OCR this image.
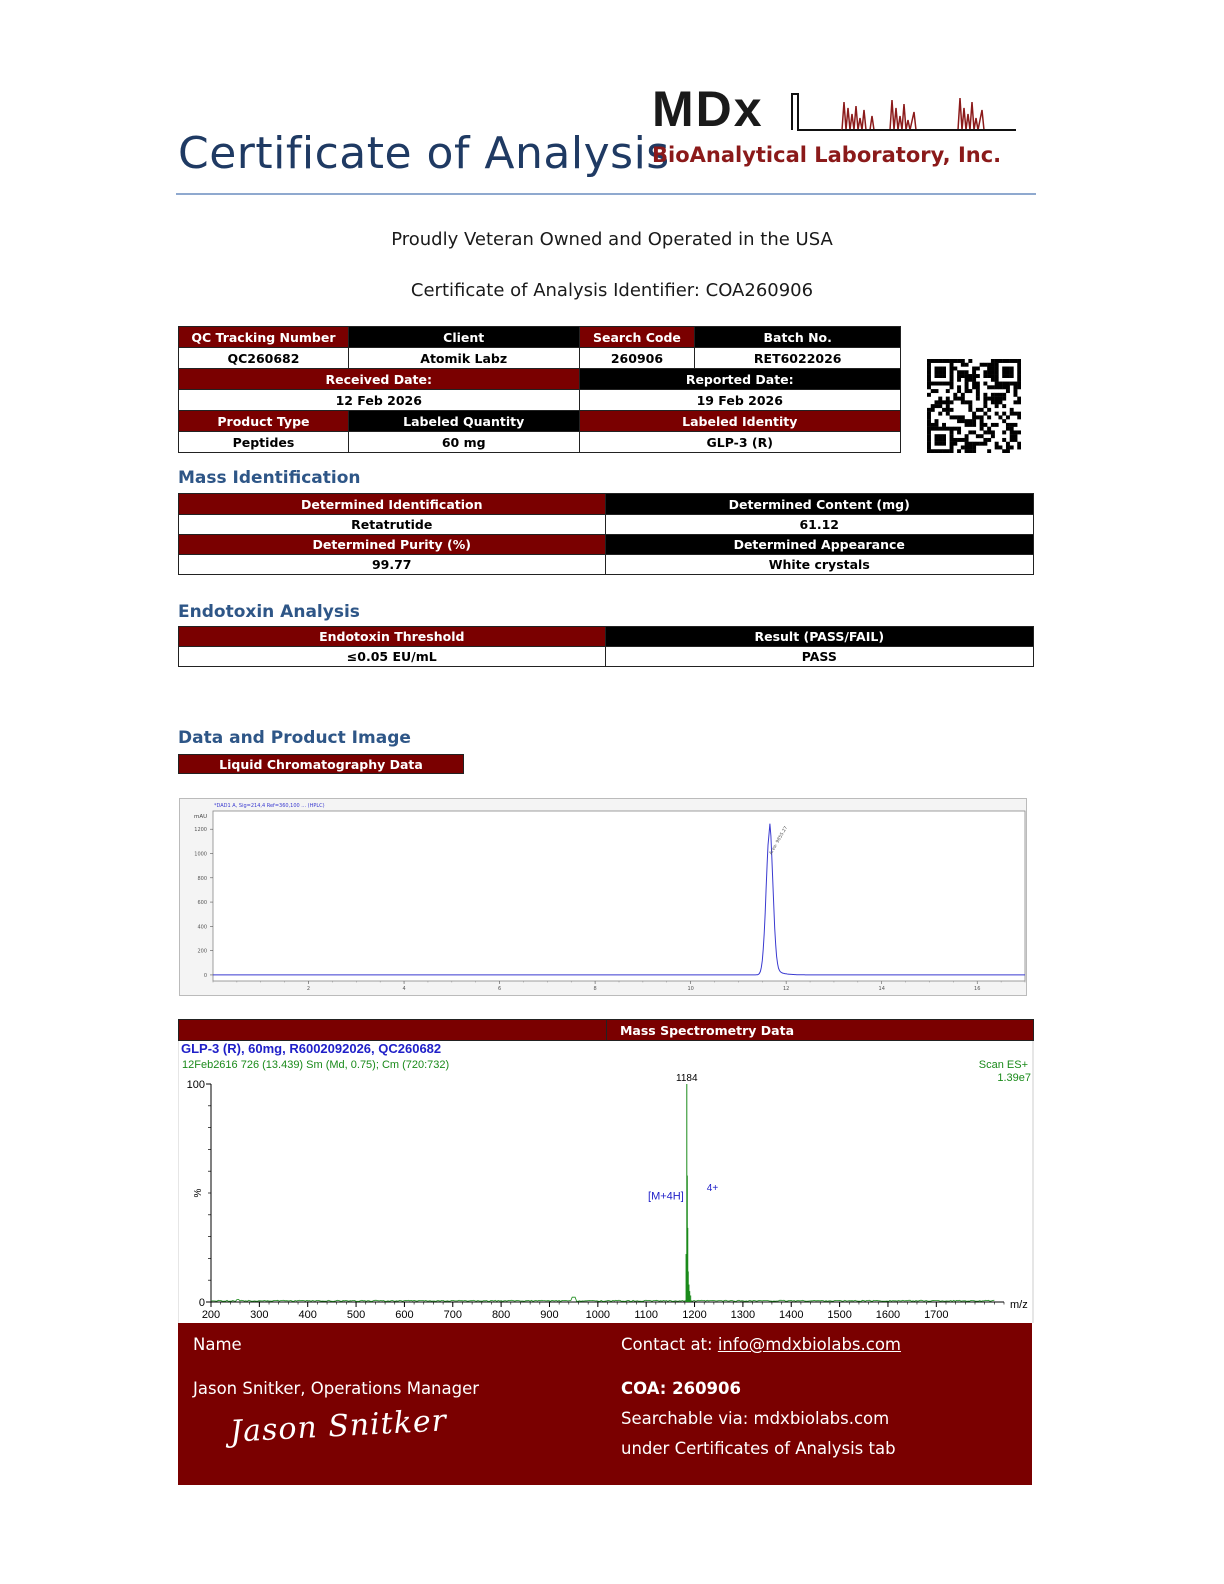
Certificate of Analysis
MDx
BioAnalytical Laboratory, Inc.
Proudly Veteran Owned and Operated in the USA
Certificate of Analysis Identifier: COA260906
QC Tracking Number	Client	Search Code	Batch No.
QC260682	Atomik Labz	260906	RET6022026
Received Date:		Reported Date:	
12 Feb 2026		19 Feb 2026	
Product Type	Labeled Quantity	Labeled Identity	
Peptides	60 mg	GLP-3 (R)	
Mass Identification
Determined Identification	Determined Content (mg)
Retatrutide	61.12
Determined Purity (%)	Determined Appearance
99.77	White crystals
Endotoxin Analysis
Endotoxin Threshold	Result (PASS/FAIL)
≤0.05 EU/mL	PASS
Data and Product Image
Liquid Chromatography Data
*DAD1 A, Sig=214,4 Ref=360,100 ... (HPLC)
mAU
0
200
400
600
800
1000
1200
2	4	6	8	10	12	14	16
Area: 9855.27
Mass Spectrometry Data
GLP-3 (R), 60mg, R6002092026, QC260682
12Feb2616 726 (13.439) Sm (Md, 0.75); Cm (720:732)	Scan ES+
1.39e7
0
100
%
200	300	400	500	600	700	800	900 1000 1100 1200 1300 1400 1500 1600 1700
m/z
1184
[M+4H]
4+
Name
Jason Snitker, Operations Manager
Jason Snitker
Contact at: info@mdxbiolabs.com
COA: 260906
Searchable via: mdxbiolabs.com
under Certificates of Analysis tab
